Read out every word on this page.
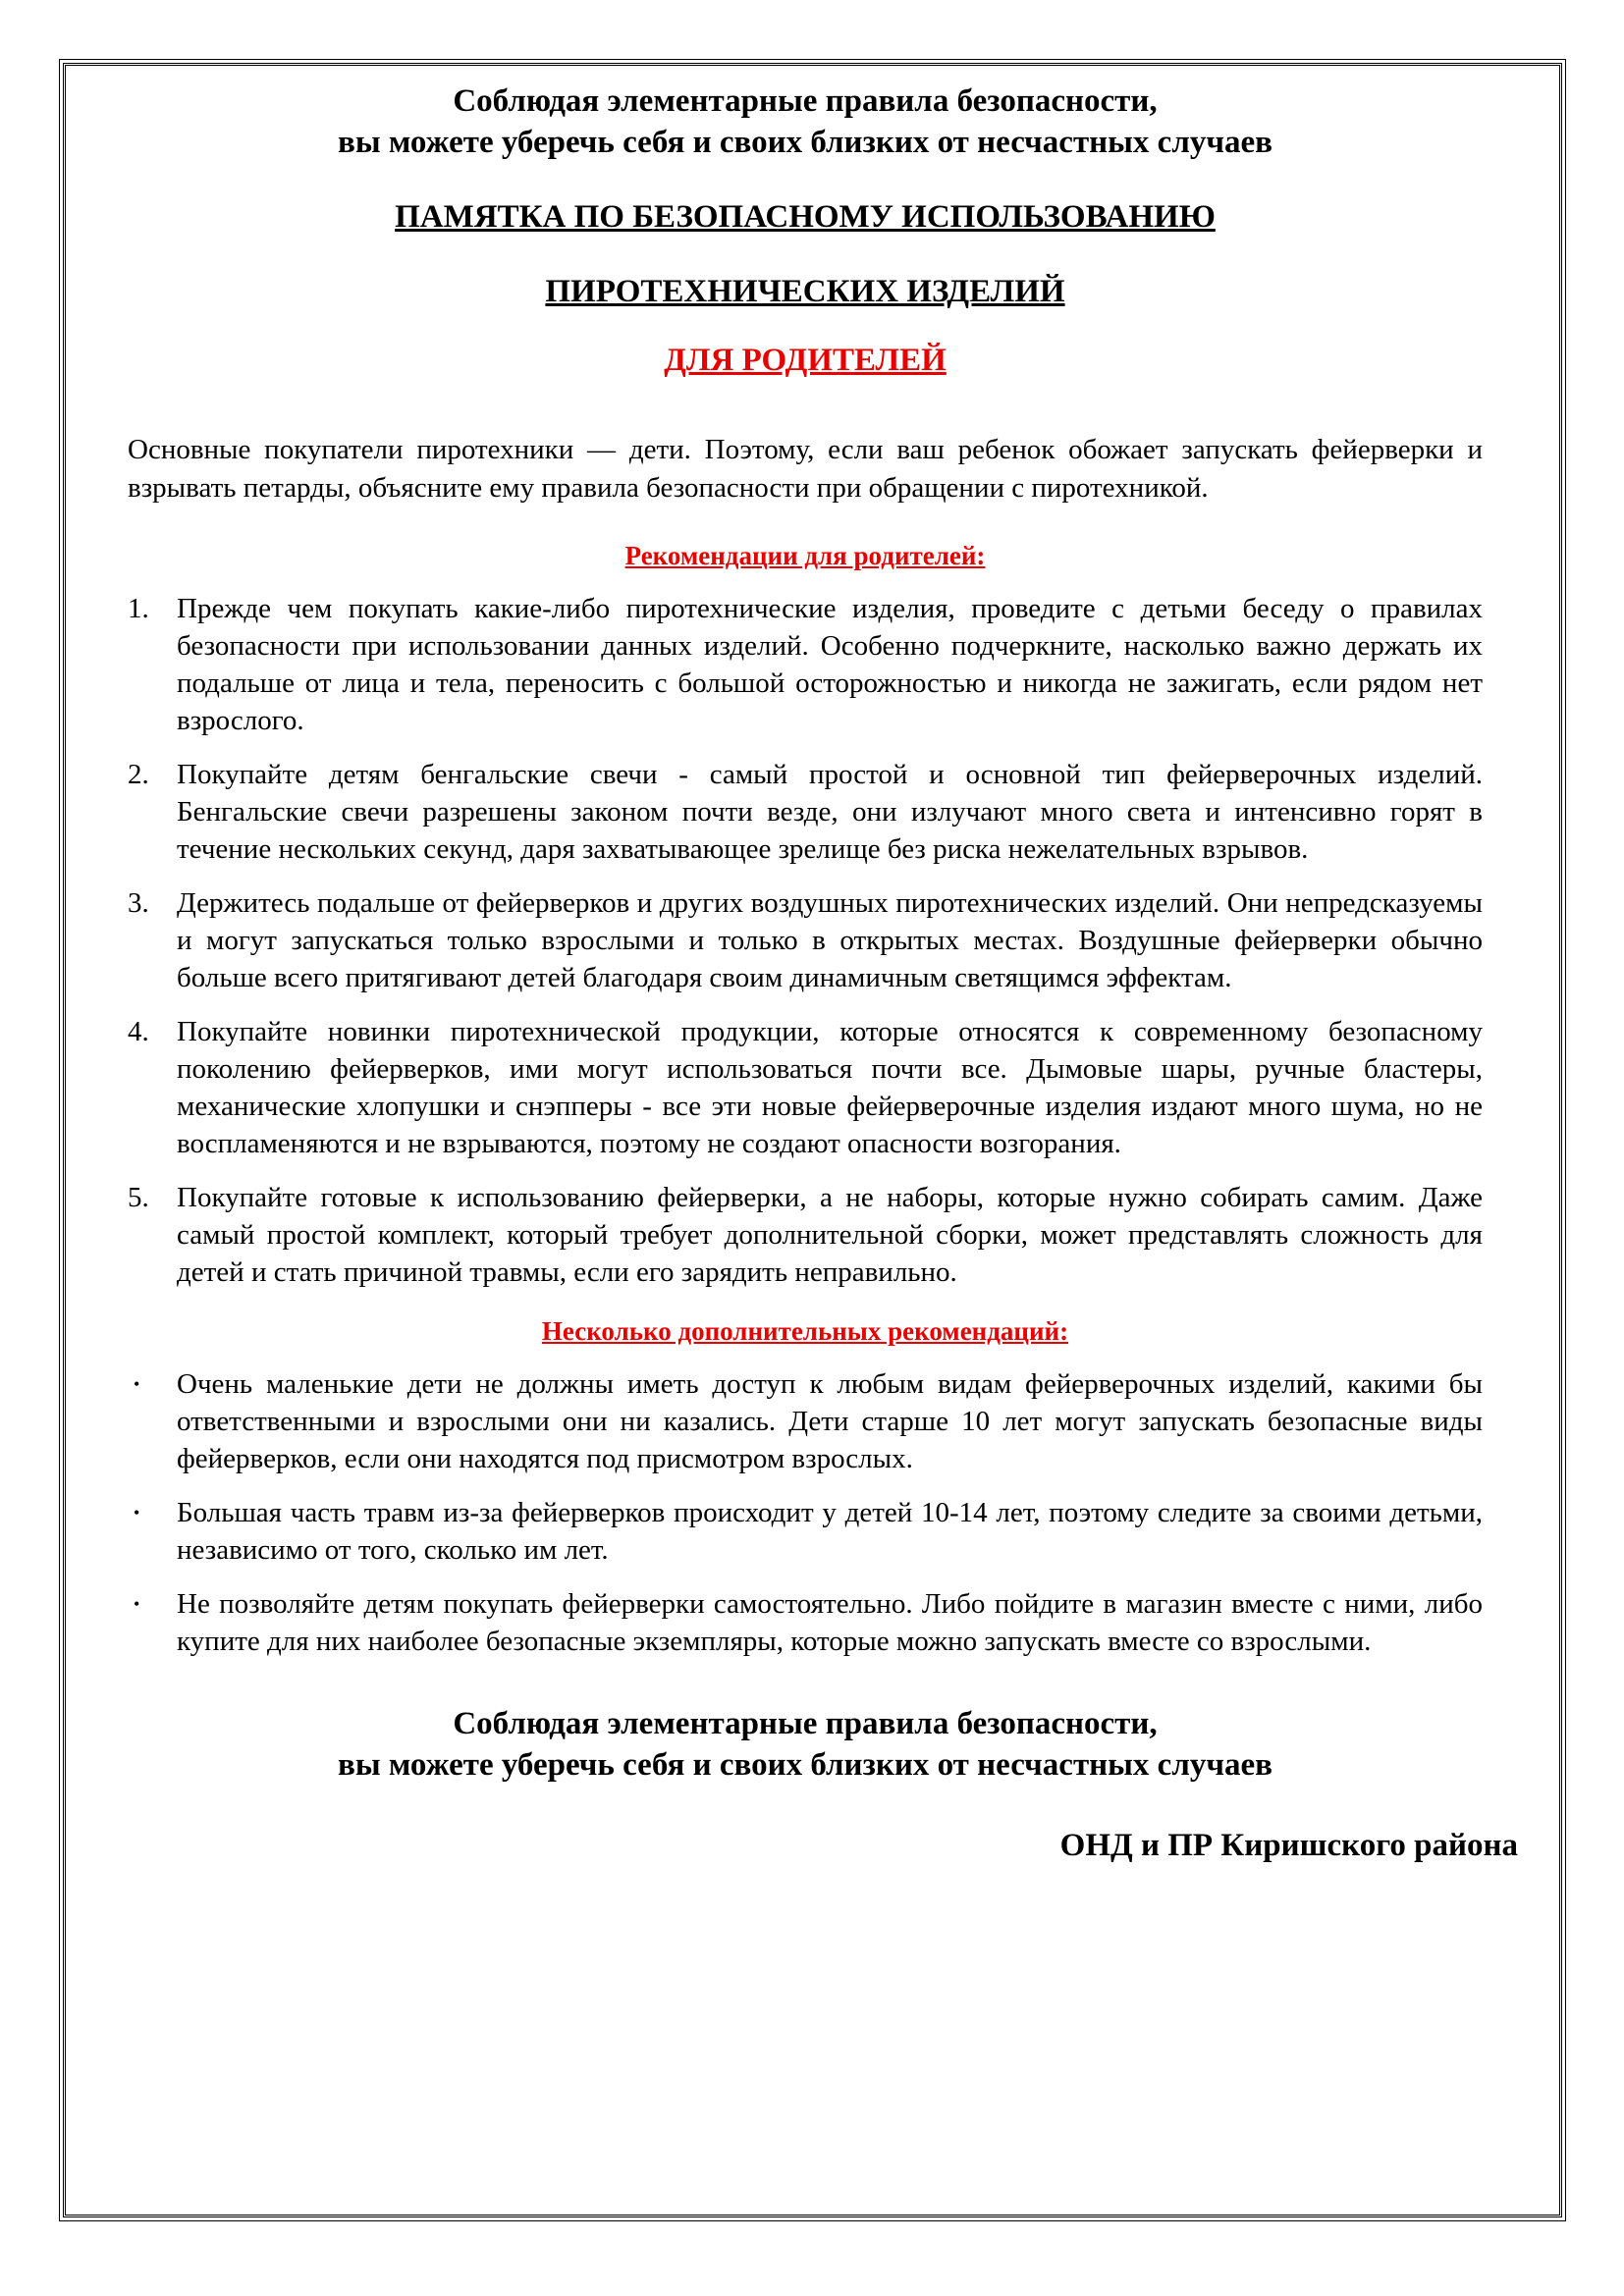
Соблюдая элементарные правила безопасности,

вы можете уберечь себя и своих близких от несчастных случаев

ПАМЯТКА ПО БЕЗОПАСНОМУ ИСПОЛЬЗОВАНИЮ

ПИРОТЕХНИЧЕСКИХ ИЗДЕЛИЙ

ДЛЯ РОДИТЕЛЕЙ

Основные покупатели пиротехники — дети. Поэтому, если ваш ребенок обожает запускать фейерверки и взрывать петарды, объясните ему правила безопасности при обращении с пиротехникой.

Рекомендации для родителей:

1. Прежде чем покупать какие-либо пиротехнические изделия, проведите с детьми беседу о правилах безопасности при использовании данных изделий. Особенно подчеркните, насколько важно держать их подальше от лица и тела, переносить с большой осторожностью и никогда не зажигать, если рядом нет взрослого.
2. Покупайте детям бенгальские свечи - самый простой и основной тип фейерверочных изделий. Бенгальские свечи разрешены законом почти везде, они излучают много света и интенсивно горят в течение нескольких секунд, даря захватывающее зрелище без риска нежелательных взрывов.
3. Держитесь подальше от фейерверков и других воздушных пиротехнических изделий. Они непредсказуемы и могут запускаться только взрослыми и только в открытых местах. Воздушные фейерверки обычно больше всего притягивают детей благодаря своим динамичным светящимся эффектам.
4. Покупайте новинки пиротехнической продукции, которые относятся к современному безопасному поколению фейерверков, ими могут использоваться почти все. Дымовые шары, ручные бластеры, механические хлопушки и снэпперы - все эти новые фейерверочные изделия издают много шума, но не воспламеняются и не взрываются, поэтому не создают опасности возгорания.
5. Покупайте готовые к использованию фейерверки, а не наборы, которые нужно собирать самим. Даже самый простой комплект, который требует дополнительной сборки, может представлять сложность для детей и стать причиной травмы, если его зарядить неправильно.

Несколько дополнительных рекомендаций:

•	Очень маленькие дети не должны иметь доступ к любым видам фейерверочных изделий, какими бы ответственными и взрослыми они ни казались. Дети старше 10 лет могут запускать безопасные виды фейерверков, если они находятся под присмотром взрослых.
•	Большая часть травм из-за фейерверков происходит у детей 10-14 лет, поэтому следите за своими детьми, независимо от того, сколько им лет.
•	Не позволяйте детям покупать фейерверки самостоятельно. Либо пойдите в магазин вместе с ними, либо купите для них наиболее безопасные экземпляры, которые можно запускать вместе со взрослыми.

Соблюдая элементарные правила безопасности,

вы можете уберечь себя и своих близких от несчастных случаев

ОНД и ПР Киришского района
